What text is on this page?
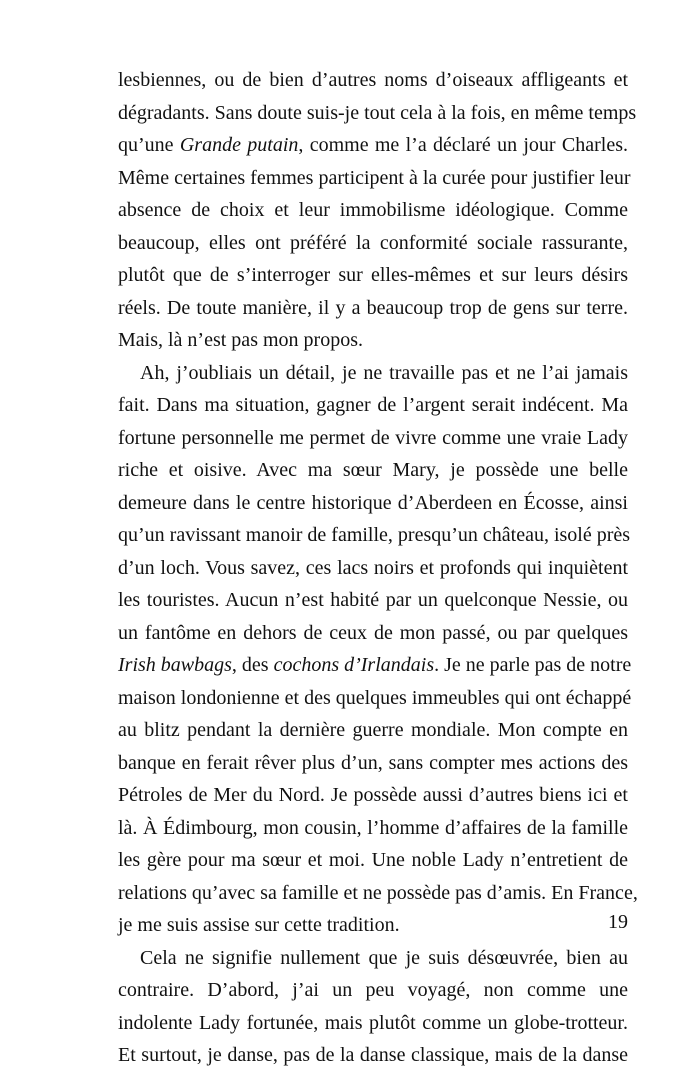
lesbiennes, ou de bien d’autres noms d’oiseaux affligeants et
dégradants. Sans doute suis-je tout cela à la fois, en même temps
qu’une Grande putain, comme me l’a déclaré un jour Charles.
Même certaines femmes participent à la curée pour justifier leur
absence de choix et leur immobilisme idéologique. Comme
beaucoup, elles ont préféré la conformité sociale rassurante,
plutôt que de s’interroger sur elles-mêmes et sur leurs désirs
réels. De toute manière, il y a beaucoup trop de gens sur terre.
Mais, là n’est pas mon propos.
Ah, j’oubliais un détail, je ne travaille pas et ne l’ai jamais
fait. Dans ma situation, gagner de l’argent serait indécent. Ma
fortune personnelle me permet de vivre comme une vraie Lady
riche et oisive. Avec ma sœur Mary, je possède une belle
demeure dans le centre historique d’Aberdeen en Écosse, ainsi
qu’un ravissant manoir de famille, presqu’un château, isolé près
d’un loch. Vous savez, ces lacs noirs et profonds qui inquiètent
les touristes. Aucun n’est habité par un quelconque Nessie, ou
un fantôme en dehors de ceux de mon passé, ou par quelques
Irish bawbags, des cochons d’Irlandais. Je ne parle pas de notre
maison londonienne et des quelques immeubles qui ont échappé
au blitz pendant la dernière guerre mondiale. Mon compte en
banque en ferait rêver plus d’un, sans compter mes actions des
Pétroles de Mer du Nord. Je possède aussi d’autres biens ici et
là. À Édimbourg, mon cousin, l’homme d’affaires de la famille
les gère pour ma sœur et moi. Une noble Lady n’entretient de
relations qu’avec sa famille et ne possède pas d’amis. En France,
je me suis assise sur cette tradition.
Cela ne signifie nullement que je suis désœuvrée, bien au
contraire. D’abord, j’ai un peu voyagé, non comme une
indolente Lady fortunée, mais plutôt comme un globe-trotteur.
Et surtout, je danse, pas de la danse classique, mais de la danse
19
